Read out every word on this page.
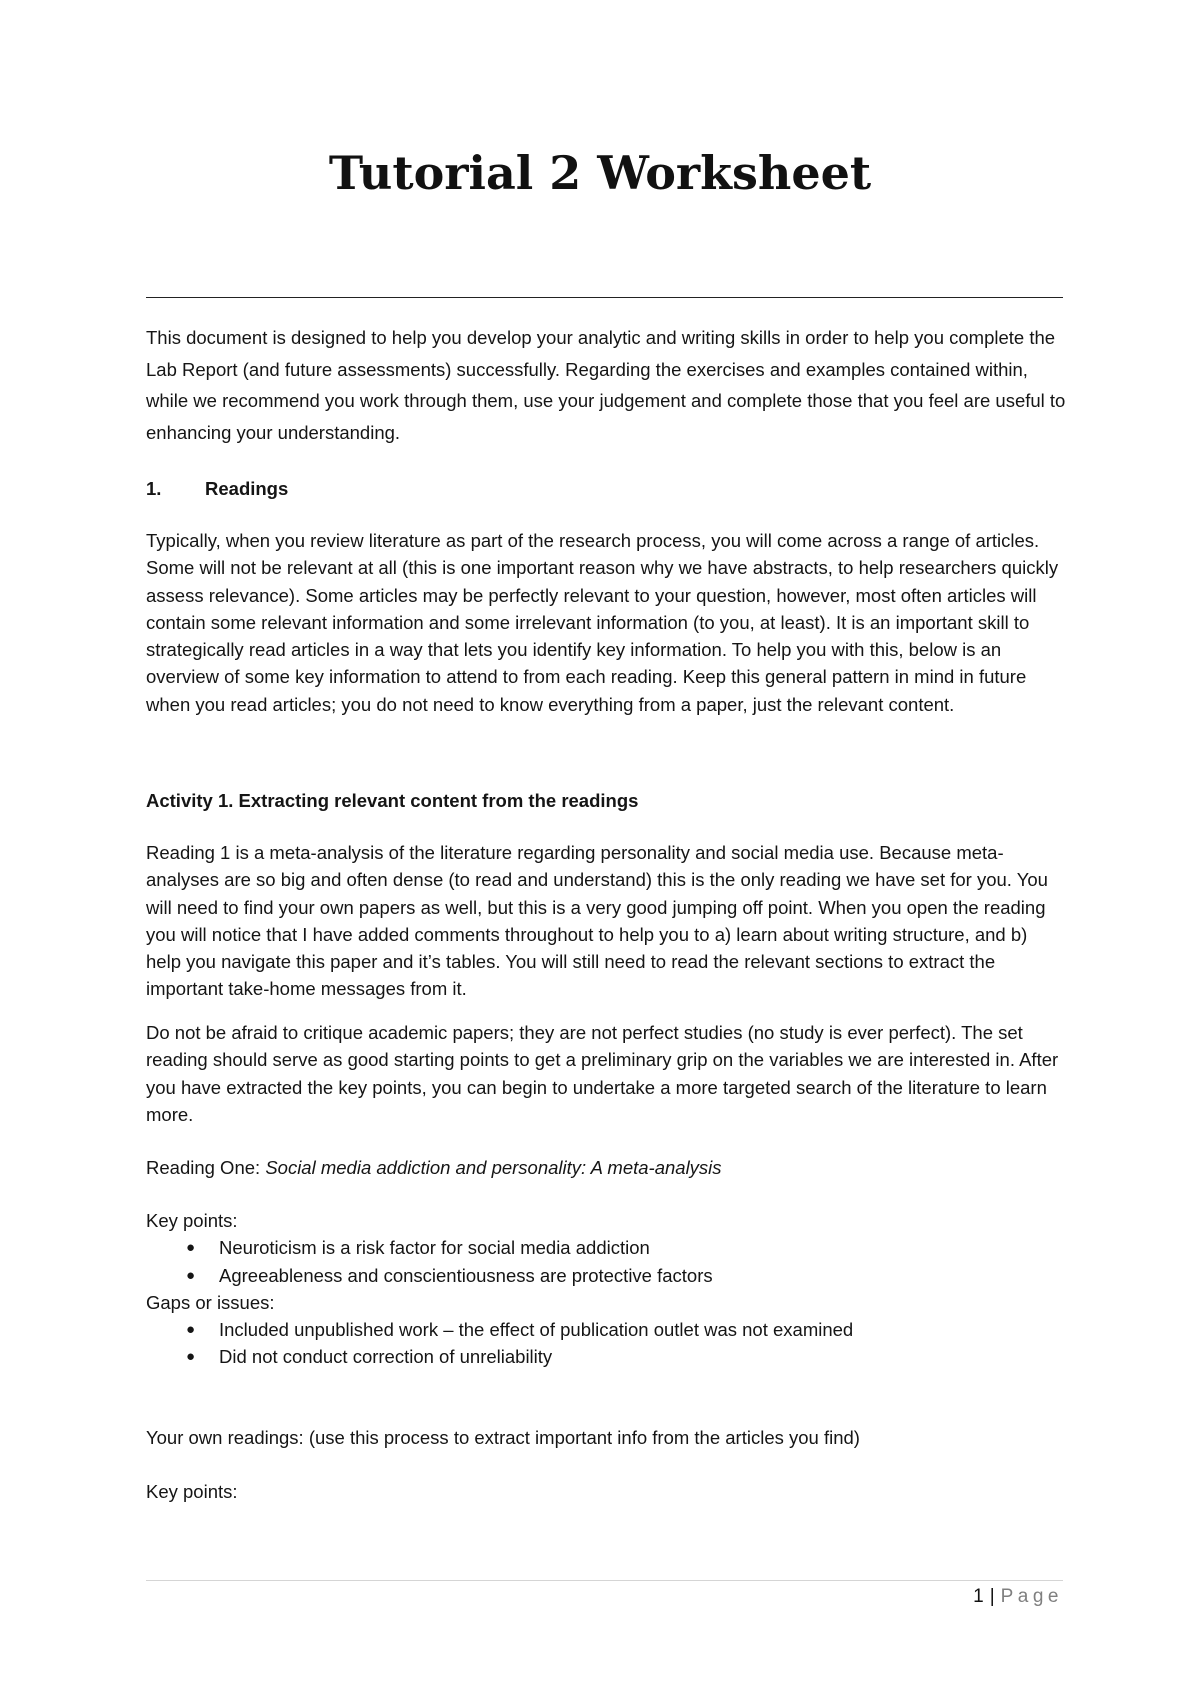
Tutorial 2 Worksheet

This document is designed to help you develop your analytic and writing skills in order to help you complete the Lab Report (and future assessments) successfully. Regarding the exercises and examples contained within, while we recommend you work through them, use your judgement and complete those that you feel are useful to enhancing your understanding.

1. Readings

Typically, when you review literature as part of the research process, you will come across a range of articles. Some will not be relevant at all (this is one important reason why we have abstracts, to help researchers quickly assess relevance). Some articles may be perfectly relevant to your question, however, most often articles will contain some relevant information and some irrelevant information (to you, at least). It is an important skill to strategically read articles in a way that lets you identify key information. To help you with this, below is an overview of some key information to attend to from each reading. Keep this general pattern in mind in future when you read articles; you do not need to know everything from a paper, just the relevant content.

Activity 1. Extracting relevant content from the readings

Reading 1 is a meta-analysis of the literature regarding personality and social media use. Because meta-analyses are so big and often dense (to read and understand) this is the only reading we have set for you. You will need to find your own papers as well, but this is a very good jumping off point. When you open the reading you will notice that I have added comments throughout to help you to a) learn about writing structure, and b) help you navigate this paper and it’s tables. You will still need to read the relevant sections to extract the important take-home messages from it.

Do not be afraid to critique academic papers; they are not perfect studies (no study is ever perfect). The set reading should serve as good starting points to get a preliminary grip on the variables we are interested in. After you have extracted the key points, you can begin to undertake a more targeted search of the literature to learn more.

Reading One: Social media addiction and personality: A meta-analysis
Key points:
● Neuroticism is a risk factor for social media addiction
● Agreeableness and conscientiousness are protective factors
Gaps or issues:
● Included unpublished work – the effect of publication outlet was not examined
● Did not conduct correction of unreliability
Your own readings: (use this process to extract important info from the articles you find)
Key points:
1 | Page
